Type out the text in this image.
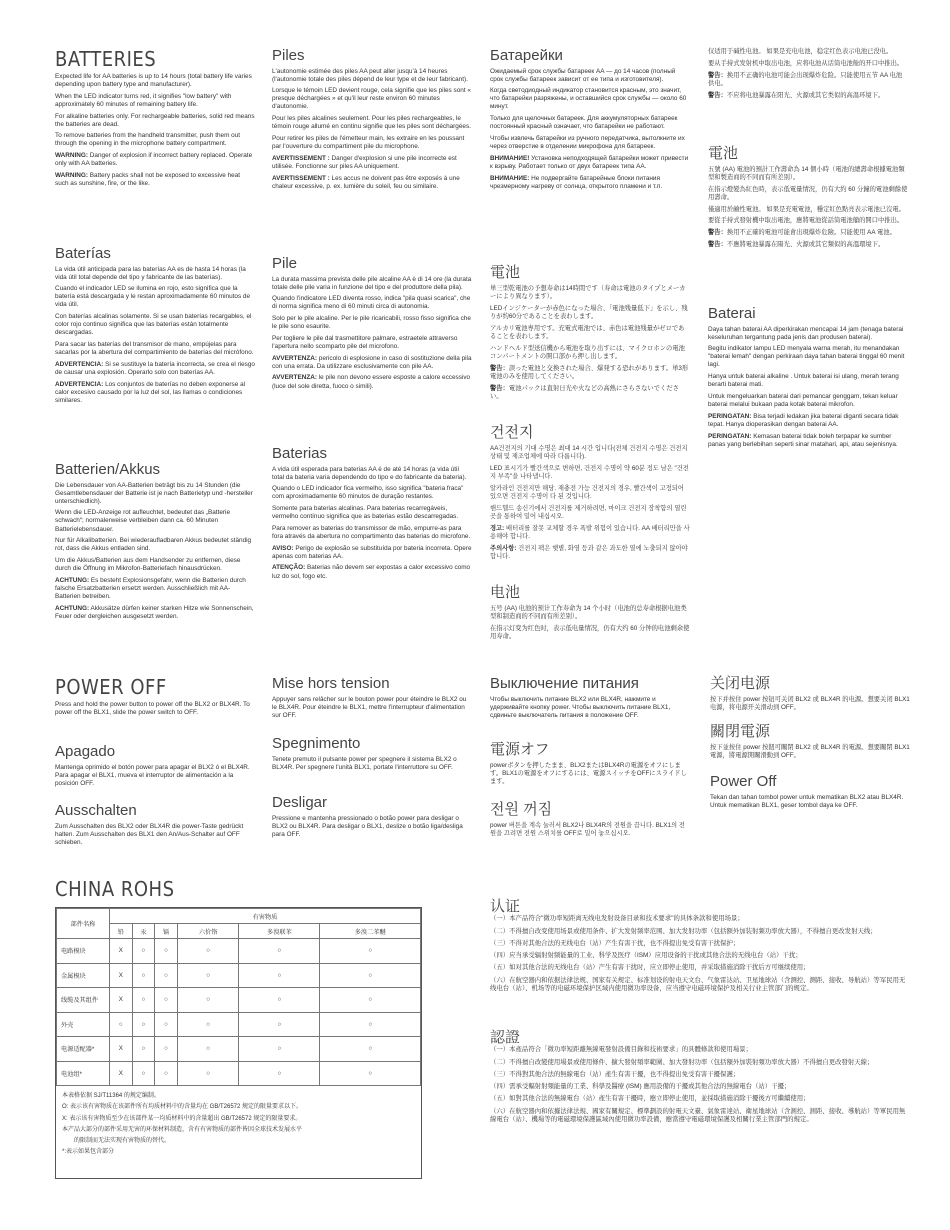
BATTERIES

Expected life for AA batteries is up to 14 hours (total battery life varies depending upon battery type and manufacturer).

When the LED indicator turns red, it signifies "low battery" with approximately 60 minutes of remaining battery life.

For alkaline batteries only. For rechargeable batteries, solid red means the batteries are dead.

To remove batteries from the handheld transmitter, push them out through the opening in the microphone battery compartment.

WARNING: Danger of explosion if incorrect battery replaced. Operate only with AA batteries.

WARNING: Battery packs shall not be exposed to excessive heat such as sunshine, fire, or the like.

Baterías

La vida útil anticipada para las baterías AA es de hasta 14 horas (la vida útil total depende del tipo y fabricante de las baterías).

Cuando el indicador LED se ilumina en rojo, esto significa que la batería está descargada y le restan aproximadamente 60 minutos de vida útil.

Con baterías alcalinas solamente. Si se usan baterías recargables, el color rojo continuo significa que las baterías están totalmente descargadas.

Para sacar las baterías del transmisor de mano, empújelas para sacarlas por la abertura del compartimiento de baterías del micrófono.

ADVERTENCIA: Si se sustituye la batería incorrecta, se crea el riesgo de causar una explosión. Operarlo solo con baterías AA.

ADVERTENCIA: Los conjuntos de baterías no deben exponerse al calor excesivo causado por la luz del sol, las llamas o condiciones similares.

Batterien/Akkus

Die Lebensdauer von AA-Batterien beträgt bis zu 14 Stunden (die Gesamtlebensdauer der Batterie ist je nach Batterietyp und -hersteller unterschiedlich).

Wenn die LED-Anzeige rot aufleuchtet, bedeutet das „Batterie schwach“; normalerweise verbleiben dann ca. 60 Minuten Batterielebensdauer.

Nur für Alkalibatterien. Bei wiederaufladbaren Akkus bedeutet ständig rot, dass die Akkus entladen sind.

Um die Akkus/Batterien aus dem Handsender zu entfernen, diese durch die Öffnung im Mikrofon-Batteriefach hinausdrücken.

ACHTUNG: Es besteht Explosionsgefahr, wenn die Batterien durch falsche Ersatzbatterien ersetzt werden. Ausschließlich mit AA-Batterien betreiben.

ACHTUNG: Akkusätze dürfen keiner starken Hitze wie Sonnenschein, Feuer oder dergleichen ausgesetzt werden.

Piles

L'autonomie estimée des piles AA peut aller jusqu'à 14 heures (l'autonomie totale des piles dépend de leur type et de leur fabricant).

Lorsque le témoin LED devient rouge, cela signifie que les piles sont « presque déchargées » et qu'il leur reste environ 60 minutes d'autonomie.

Pour les piles alcalines seulement. Pour les piles rechargeables, le témoin rouge allumé en continu signifie que les piles sont déchargées.

Pour retirer les piles de l'émetteur main, les extraire en les poussant par l'ouverture du compartiment pile du microphone.

AVERTISSEMENT : Danger d'explosion si une pile incorrecte est utilisée. Fonctionne sur piles AA uniquement.

AVERTISSEMENT : Les accus ne doivent pas être exposés à une chaleur excessive, p. ex. lumière du soleil, feu ou similaire.

Pile

La durata massima prevista delle pile alcaline AA è di 14 ore (la durata totale delle pile varia in funzione del tipo e del produttore della pila).

Quando l'indicatore LED diventa rosso, indica "pila quasi scarica", che di norma significa meno di 60 minuti circa di autonomia.

Solo per le pile alcaline. Per le pile ricaricabili, rosso fisso significa che le pile sono esaurite.

Per togliere le pile dal trasmettitore palmare, estraetele attraverso l'apertura nello scomparto pile del microfono.

AVVERTENZA: pericolo di esplosione in caso di sostituzione della pila con una errata. Da utilizzare esclusivamente con pile AA.

AVVERTENZA: le pile non devono essere esposte a calore eccessivo (luce del sole diretta, fuoco o simili).

Baterias

A vida útil esperada para baterias AA é de até 14 horas (a vida útil total da bateria varia dependendo do tipo e do fabricante da bateria).

Quando o LED indicador fica vermelho, isso significa "bateria fraca" com aproximadamente 60 minutos de duração restantes.

Somente para baterias alcalinas. Para baterias recarregáveis, vermelho contínuo significa que as baterias estão descarregadas.

Para remover as baterias do transmissor de mão, empurre-as para fora através da abertura no compartimento das baterias do microfone.

AVISO: Perigo de explosão se substituída por bateria incorreta. Opere apenas com baterias AA.

ATENÇÃO: Baterias não devem ser expostas a calor excessivo como luz do sol, fogo etc.

Батарейки

Ожидаемый срок службы батареек AA — до 14 часов (полный срок службы батареек зависит от ее типа и изготовителя).

Когда светодиодный индикатор становится красным, это значит, что батарейки разряжены, и оставшийся срок службы — около 60 минут.

Только для щелочных батареек. Для аккумуляторных батареек постоянный красный означает, что батарейки не работают.

Чтобы извлечь батарейки из ручного передатчика, вытолкните их через отверстие в отделении микрофона для батареек.

ВНИМАНИЕ! Установка неподходящей батарейки может привести к взрыву. Работает только от двух батареек типа AA.

ВНИМАНИЕ: Не подвергайте батарейные блоки питания чрезмерному нагреву от солнца, открытого пламени и т.п.

電池

単三型乾電池の予想寿命は14時間です（寿命は電池のタイプとメーカーにより異なります）。

LEDインジケーターが赤色になった場合、「電池残量低下」を示し、残りが約60分であることを表わします。

アルカリ電池専用です。充電式電池では、赤色は電池残量がゼロであることを表わします。

ハンドヘルド型送信機から電池を取り出すには、マイクロホンの電池コンパートメントの開口部から押し出します。

警告：誤った電池と交換された場合、爆発する恐れがあります。単3形電池のみを使用してください。

警告：電池パックは直射日光や火などの高熱にさらさないでください。

건전지

AA건전지의 기대 수명은 최대 14 시간 입니다(전체 건전지 수명은 건전지 상태 및 제조업체에 따라 다릅니다).

LED 표시기가 빨간색으로 변하면, 건전지 수명이 약 60분 정도 남은 "건전지 부족"을 나타냅니다.

알카라인 건전지만 해당. 재충전 가능 건전지의 경우, 빨간색이 고정되어 있으면 건전지 수명이 다 된 것입니다.

핸드헬드 송신기에서 건전지를 제거하려면, 마이크 건전지 장착함의 열린 곳을 통하여 밀어 내십시오.

경고: 배터리를 잘못 교체할 경우 폭발 위험이 있습니다. AA 배터리만을 사용해야 합니다.

주의사항: 건전지 팩은 햇볕, 화염 등과 같은 과도한 열에 노출되지 않아야 합니다.

电池

五号 (AA) 电池的预计工作寿命为 14 个小时（电池的总寿命根据电池类型和制造商的不同而有所差别）。

在指示灯变为红色时，表示低电量情况，仍有大约 60 分钟的电池剩余使用寿命。

仅适用于碱性电池。 如果是充电电池，稳定红色表示电池已没电。

要从手持式发射机中取出电池，应将电池从话筒电池舱的开口中推出。

警告：换用不正确的电池可能会出现爆炸危险。只能使用五节 AA 电池供电。

警告：不应将电池暴露在阳光、火源或其它类似的高温环境下。

電池

五號 (AA) 電池的預計工作壽命為 14 個小時（電池的總壽命根據電池類型和製造商的不同而有所差別）。

在指示燈變為紅色時，表示低電量情況，仍有大約 60 分鐘的電池剩餘使用壽命。

僅適用於鹼性電池。 如果是充電電池，穩定紅色點亮表示電池已沒電。

要從手持式發射機中取出電池，應將電池從話筒電池艙的開口中推出。

警告：換用不正確的電池可能會出現爆炸危險。只能使用 AA 電池。

警告：不應將電池暴露在陽光、火源或其它類似的高溫環境下。

Baterai

Daya tahan baterai AA diperkirakan mencapai 14 jam (tenaga baterai keseluruhan tergantung pada jenis dan produsen baterai).

Begitu indikator lampu LED menyala warna merah, itu menandakan "baterai lemah" dengan perkiraan daya tahan baterai tinggal 60 menit lagi.

Hanya untuk baterai alkaline . Untuk baterai isi ulang, merah terang berarti baterai mati.

Untuk mengeluarkan baterai dari pemancar genggam, tekan keluar baterai melalui bukaan pada kotak baterai mikrofon.

PERINGATAN: Bisa terjadi ledakan jika baterai diganti secara tidak tepat. Hanya dioperasikan dengan baterai AA.

PERINGATAN: Kemasan baterai tidak boleh terpapar ke sumber panas yang berlebihan seperti sinar matahari, api, atau sejenisnya.

POWER OFF

Press and hold the power button to power off the BLX2 or BLX4R. To power off the BLX1, slide the power switch to OFF.

Apagado

Mantenga oprimido el botón power para apagar el BLX2 ó el BLX4R. Para apagar el BLX1, mueva el interruptor de alimentación a la posición OFF.

Ausschalten

Zum Ausschalten des BLX2 oder BLX4R die power-Taste gedrückt halten. Zum Ausschalten des BLX1 den An/Aus-Schalter auf OFF schieben.

Mise hors tension

Appuyer sans relâcher sur le bouton power pour éteindre le BLX2 ou le BLX4R. Pour éteindre le BLX1, mettre l'interrupteur d'alimentation sur OFF.

Spegnimento

Tenete premuto il pulsante power per spegnere il sistema BLX2 o BLX4R. Per spegnere l'unità BLX1, portate l'interruttore su OFF.

Desligar

Pressione e mantenha pressionado o botão power para desligar o BLX2 ou BLX4R. Para desligar o BLX1, deslize o botão liga/desliga para OFF.

Выключение питания

Чтобы выключить питание BLX2 или BLX4R, нажмите и удерживайте кнопку power. Чтобы выключить питание BLX1, сдвиньте выключатель питания в положение OFF.

電源オフ

powerボタンを押したまま、BLX2またはBLX4Rの電源をオフにします。BLX1の電源をオフにするには、電源スイッチをOFFにスライドします。

전원 꺼짐

power 버튼을 계속 눌러서 BLX2나 BLX4R의 전원을 끕니다. BLX1의 전원을 끄려면 전원 스위치를 OFF로 밀어 놓으십시오.

关闭电源

按下并按住 power 按钮可关闭 BLX2 或 BLX4R 的电源。想要关闭 BLX1 电源，将电源开关滑动到 OFF。

關閉電源

按下並按住 power 按鈕可關閉 BLX2 或 BLX4R 的電源。想要關閉 BLX1 電源，將電源開關滑動到 OFF。

Power Off

Tekan dan tahan tombol power untuk mematikan BLX2 atau BLX4R. Untuk mematikan BLX1, geser tombol daya ke OFF.

CHINA ROHS
部件名称	有害物质					
	铅	汞	镉	六价铬	多溴联苯	多溴二苯醚
电路模块	X	○	○	○	○	○
金属模块	X	○	○	○	○	○
线缆及其组件	X	○	○	○	○	○
外壳	○	○	○	○	○	○
电源适配器*	X	○	○	○	○	○
电池组*	X	○	○	○	○	○
本表格依据 SJ/T11364 的规定编制。
O: 表示该有害物质在该部件所有均质材料中的含量均在 GB/T26572 规定的限量要求以下。
X: 表示该有害物质至少在该部件某一均质材料中的含量超出 GB/T26572 规定的限量要求。
本产品大部分的部件采用无害的环保材料制造，含有有害物质的部件皆因全球技术发展水平
的限制而无法实现有害物质的替代。
*:表示如果包含部分
认证

（一）本产品符合"微功率短距离无线电发射设备目录和技术要求"的具体条款和使用场景；

（二）不得擅自改变使用场景或使用条件、扩大发射频率范围、加大发射功率（包括额外加装射频功率放大器），不得擅自更改发射天线；

（三）不得对其他合法的无线电台（站）产生有害干扰，也不得提出免受有害干扰保护；

（四）应当承受辐射射频能量的工业、科学及医疗（ISM）应用设备的干扰或其他合法的无线电台（站）干扰；

（五）如对其他合法的无线电台（站）产生有害干扰时，应立即停止使用，并采取措施消除干扰后方可继续使用；

（六）在航空器内和依据法律法规、国家有关规定、标准划设的射电天文台、气象雷达站、卫星地球站（含测控、测距、接收、导航站）等军民用无线电台（站）、机场等的电磁环境保护区域内使用微功率设备，应当遵守电磁环境保护及相关行业主管部门的规定。

認證

（一）本產品符合「微功率短距離無線電發射設備目錄和技術要求」的具體條款和使用場景；

（二）不得擅自改變使用場景或使用條件、擴大發射頻率範圍、加大發射功率（包括額外加裝射頻功率放大器）不得擅自更改發射天線；

（三）不得對其他合法的無線電台（站）產生有害干擾，也不得提出免受有害干擾保護；

（四）需承受輻射射頻能量的工業、科學及醫療 (ISM) 應用設備的干擾或其他合法的無線電台（站）干擾；

（五）如對其他合法的無線電台（站）產生有害干擾時，應立即停止使用，並採取措施消除干擾後方可繼續使用；

（六）在航空器內和依據法律法規、國家有關規定、標準劃設的射電天文臺、氣象雷達站、衛星地球站（含測控、測距、接收、導航站）等軍民用無線電台（站）、機場等的電磁環境保護區域內使用微功率設備，應當遵守電磁環境保護及相關行業主管部門的規定。
